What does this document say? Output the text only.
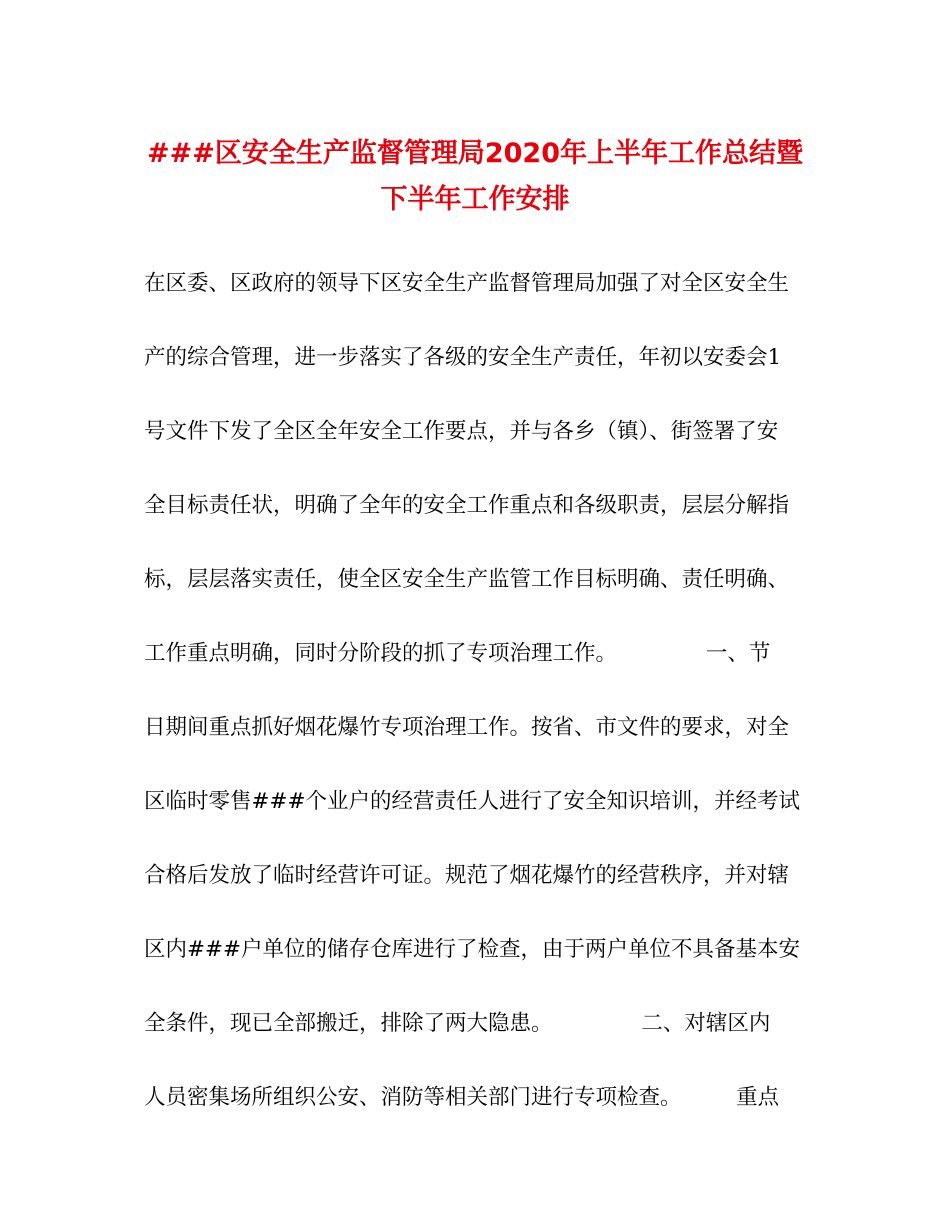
###区安全生产监督管理局2020年上半年工作总结暨
下半年工作安排
在区委、区政府的领导下区安全生产监督管理局加强了对全区安全生
产的综合管理，进一步落实了各级的安全生产责任，年初以安委会1
号文件下发了全区全年安全工作要点，并与各乡（镇）、街签署了安
全目标责任状，明确了全年的安全工作重点和各级职责，层层分解指
标，层层落实责任，使全区安全生产监管工作目标明确、责任明确、
工作重点明确，同时分阶段的抓了专项治理工作。             一、节
日期间重点抓好烟花爆竹专项治理工作。按省、市文件的要求，对全
区临时零售###个业户的经营责任人进行了安全知识培训，并经考试
合格后发放了临时经营许可证。规范了烟花爆竹的经营秩序，并对辖
区内###户单位的储存仓库进行了检查，由于两户单位不具备基本安
全条件，现已全部搬迁，排除了两大隐患。             二、对辖区内
人员密集场所组织公安、消防等相关部门进行专项检查。        重点
